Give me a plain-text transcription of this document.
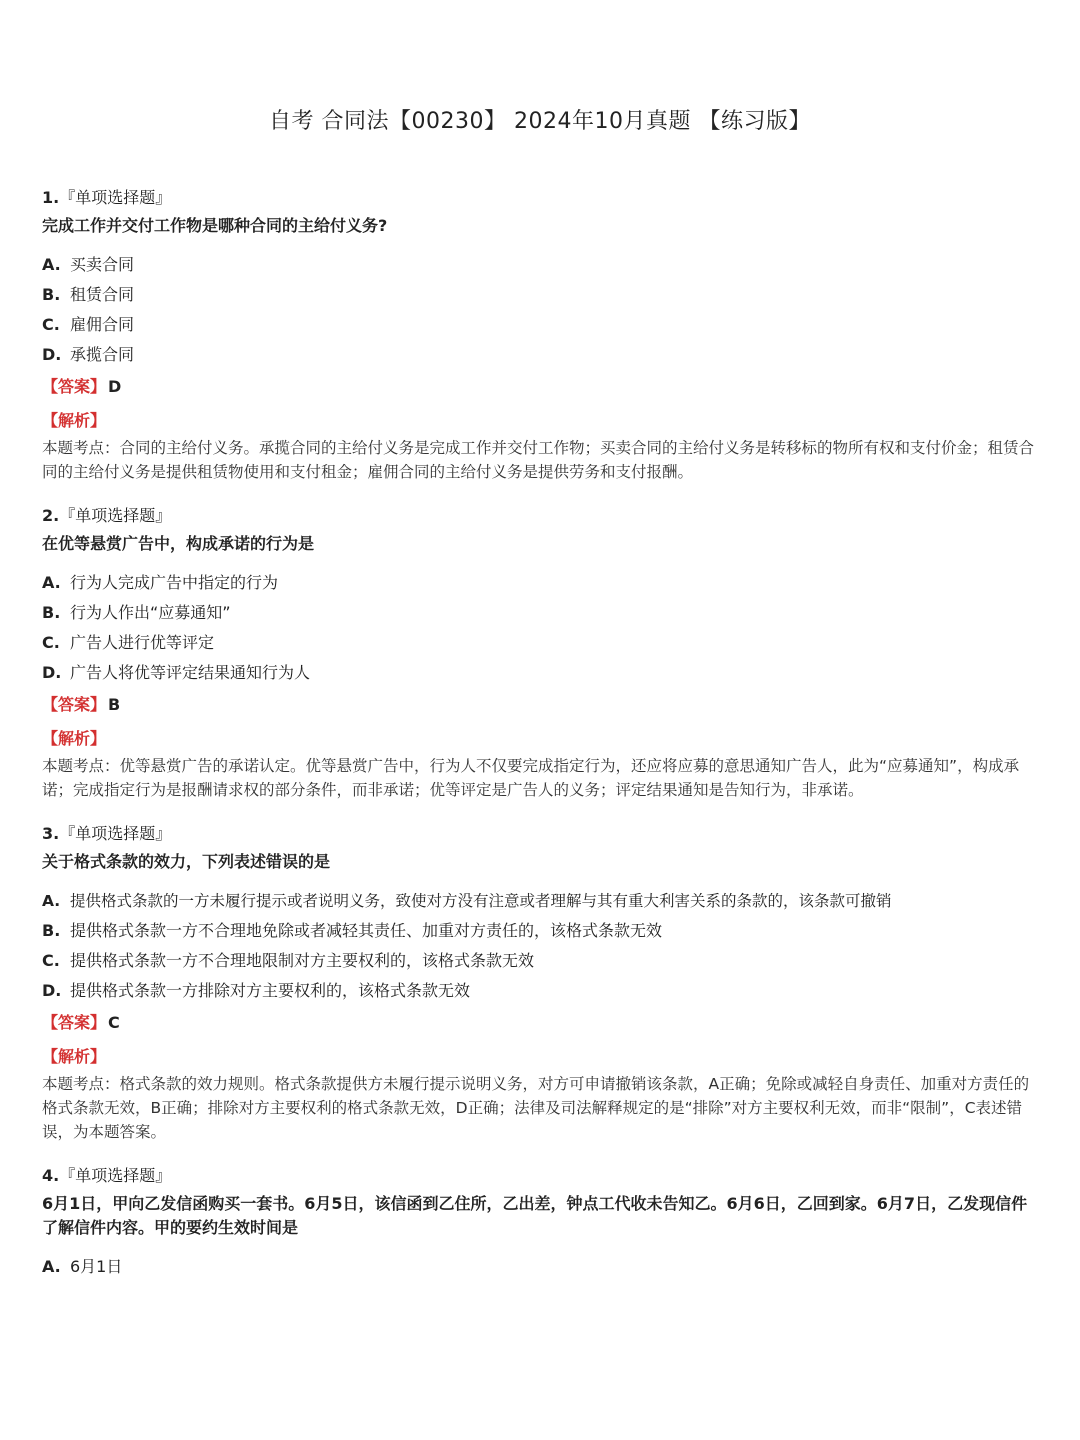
自考 合同法【00230】 2024年10月真题 【练习版】
1.『单项选择题』
完成工作并交付工作物是哪种合同的主给付义务?
A. 买卖合同
B. 租赁合同
C. 雇佣合同
D. 承揽合同
【答案】 D
【解析】
本题考点：合同的主给付义务。承揽合同的主给付义务是完成工作并交付工作物；买卖合同的主给付义务是转移标的物所有权和支付价金；租赁合同的主给付义务是提供租赁物使用和支付租金；雇佣合同的主给付义务是提供劳务和支付报酬。
2.『单项选择题』
在优等悬赏广告中，构成承诺的行为是
A. 行为人完成广告中指定的行为
B. 行为人作出“应募通知”
C. 广告人进行优等评定
D. 广告人将优等评定结果通知行为人
【答案】 B
【解析】
本题考点：优等悬赏广告的承诺认定。优等悬赏广告中，行为人不仅要完成指定行为，还应将应募的意思通知广告人，此为“应募通知”，构成承诺；完成指定行为是报酬请求权的部分条件，而非承诺；优等评定是广告人的义务；评定结果通知是告知行为，非承诺。
3.『单项选择题』
关于格式条款的效力，下列表述错误的是
A. 提供格式条款的一方未履行提示或者说明义务，致使对方没有注意或者理解与其有重大利害关系的条款的，该条款可撤销
B. 提供格式条款一方不合理地免除或者减轻其责任、加重对方责任的，该格式条款无效
C. 提供格式条款一方不合理地限制对方主要权利的，该格式条款无效
D. 提供格式条款一方排除对方主要权利的，该格式条款无效
【答案】 C
【解析】
本题考点：格式条款的效力规则。格式条款提供方未履行提示说明义务，对方可申请撤销该条款，A正确；免除或减轻自身责任、加重对方责任的格式条款无效，B正确；排除对方主要权利的格式条款无效，D正确；法律及司法解释规定的是“排除”对方主要权利无效，而非“限制”，C表述错误，为本题答案。
4.『单项选择题』
6月1日，甲向乙发信函购买一套书。6月5日，该信函到乙住所，乙出差，钟点工代收未告知乙。6月6日，乙回到家。6月7日，乙发现信件了解信件内容。甲的要约生效时间是
A. 6月1日
